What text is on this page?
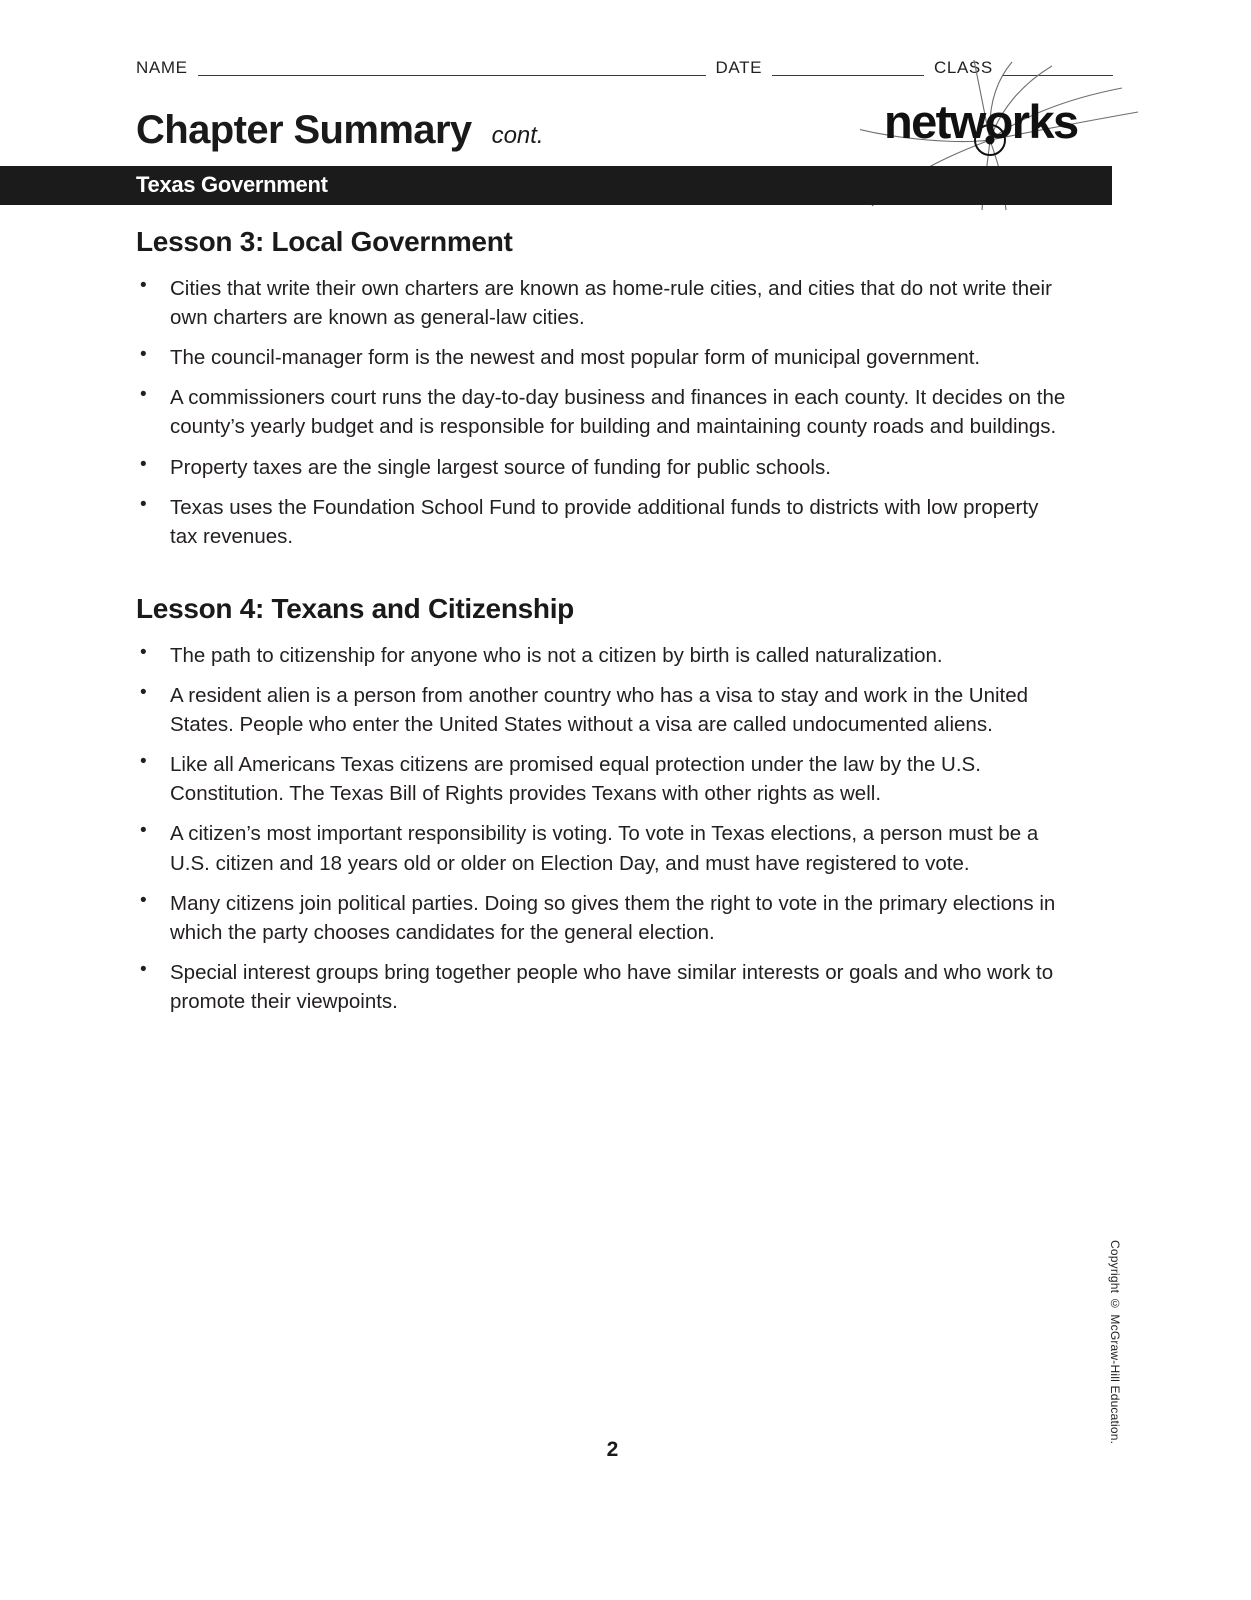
NAME	DATE	CLASS
Chapter Summary cont.	networks
Texas Government
Lesson 3: Local Government
• Cities that write their own charters are known as home-rule cities, and cities that do not write their own charters are known as general-law cities.
• The council-manager form is the newest and most popular form of municipal government.
• A commissioners court runs the day-to-day business and finances in each county. It decides on the county’s yearly budget and is responsible for building and maintaining county roads and buildings.
• Property taxes are the single largest source of funding for public schools.
• Texas uses the Foundation School Fund to provide additional funds to districts with low property tax revenues.
Lesson 4: Texans and Citizenship
• The path to citizenship for anyone who is not a citizen by birth is called naturalization.
• A resident alien is a person from another country who has a visa to stay and work in the United States. People who enter the United States without a visa are called undocumented aliens.
• Like all Americans Texas citizens are promised equal protection under the law by the U.S. Constitution. The Texas Bill of Rights provides Texans with other rights as well.
• A citizen’s most important responsibility is voting. To vote in Texas elections, a person must be a U.S. citizen and 18 years old or older on Election Day, and must have registered to vote.
• Many citizens join political parties. Doing so gives them the right to vote in the primary elections in which the party chooses candidates for the general election.
• Special interest groups bring together people who have similar interests or goals and who work to promote their viewpoints.
Copyright © McGraw-Hill Education.
2
